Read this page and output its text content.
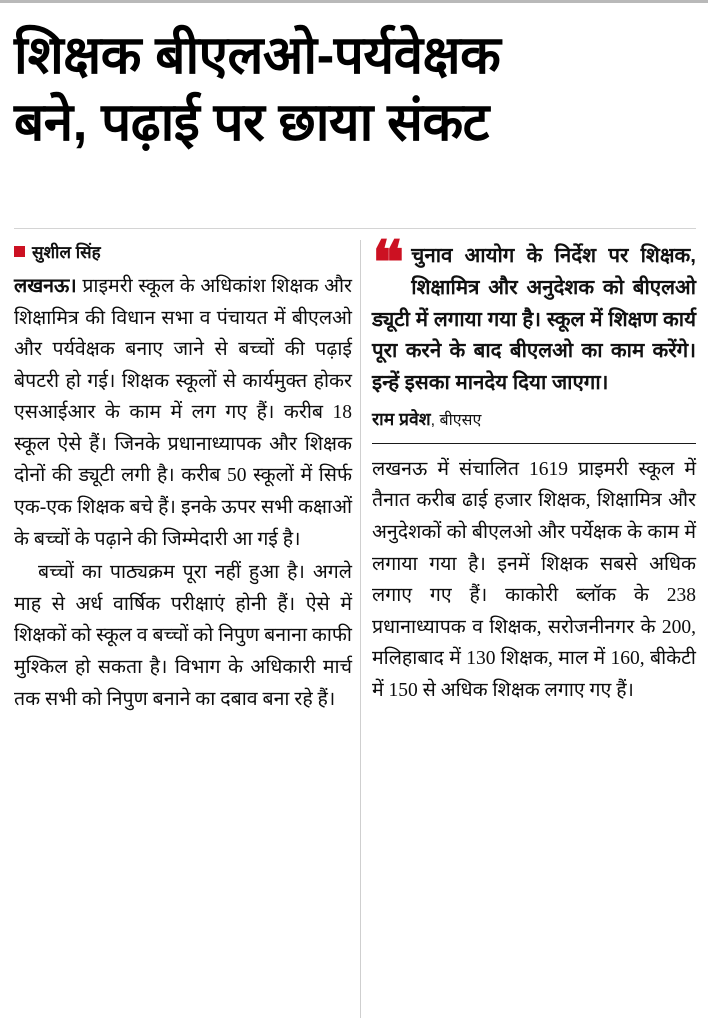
शिक्षक बीएलओ-पर्यवेक्षक
बने, पढ़ाई पर छाया संकट
सुशील सिंह

लखनऊ। प्राइमरी स्कूल के अधिकांश शिक्षक और शिक्षामित्र की विधान सभा व पंचायत में बीएलओ और पर्यवेक्षक बनाए जाने से बच्चों की पढ़ाई बेपटरी हो गई। शिक्षक स्कूलों से कार्यमुक्त होकर एसआईआर के काम में लग गए हैं। करीब 18 स्कूल ऐसे हैं। जिनके प्रधानाध्यापक और शिक्षक दोनों की ड्यूटी लगी है। करीब 50 स्कूलों में सिर्फ एक-एक शिक्षक बचे हैं। इनके ऊपर सभी कक्षाओं के बच्चों के पढ़ाने की जिम्मेदारी आ गई है।

बच्चों का पाठ्यक्रम पूरा नहीं हुआ है। अगले माह से अर्ध वार्षिक परीक्षाएं होनी हैं। ऐसे में शिक्षकों को स्कूल व बच्चों को निपुण बनाना काफी मुश्किल हो सकता है। विभाग के अधिकारी मार्च तक सभी को निपुण बनाने का दबाव बना रहे हैं।

❝ चुनाव आयोग के निर्देश पर शिक्षक, शिक्षामित्र और अनुदेशक को बीएलओ ड्यूटी में लगाया गया है। स्कूल में शिक्षण कार्य पूरा करने के बाद बीएलओ का काम करेंगे। इन्हें इसका मानदेय दिया जाएगा।
राम प्रवेश, बीएसए

लखनऊ में संचालित 1619 प्राइमरी स्कूल में तैनात करीब ढाई हजार शिक्षक, शिक्षामित्र और अनुदेशकों को बीएलओ और पर्येक्षक के काम में लगाया गया है। इनमें शिक्षक सबसे अधिक लगाए गए हैं। काकोरी ब्लॉक के 238 प्रधानाध्यापक व शिक्षक, सरोजनीनगर के 200, मलिहाबाद में 130 शिक्षक, माल में 160, बीकेटी में 150 से अधिक शिक्षक लगाए गए हैं।
